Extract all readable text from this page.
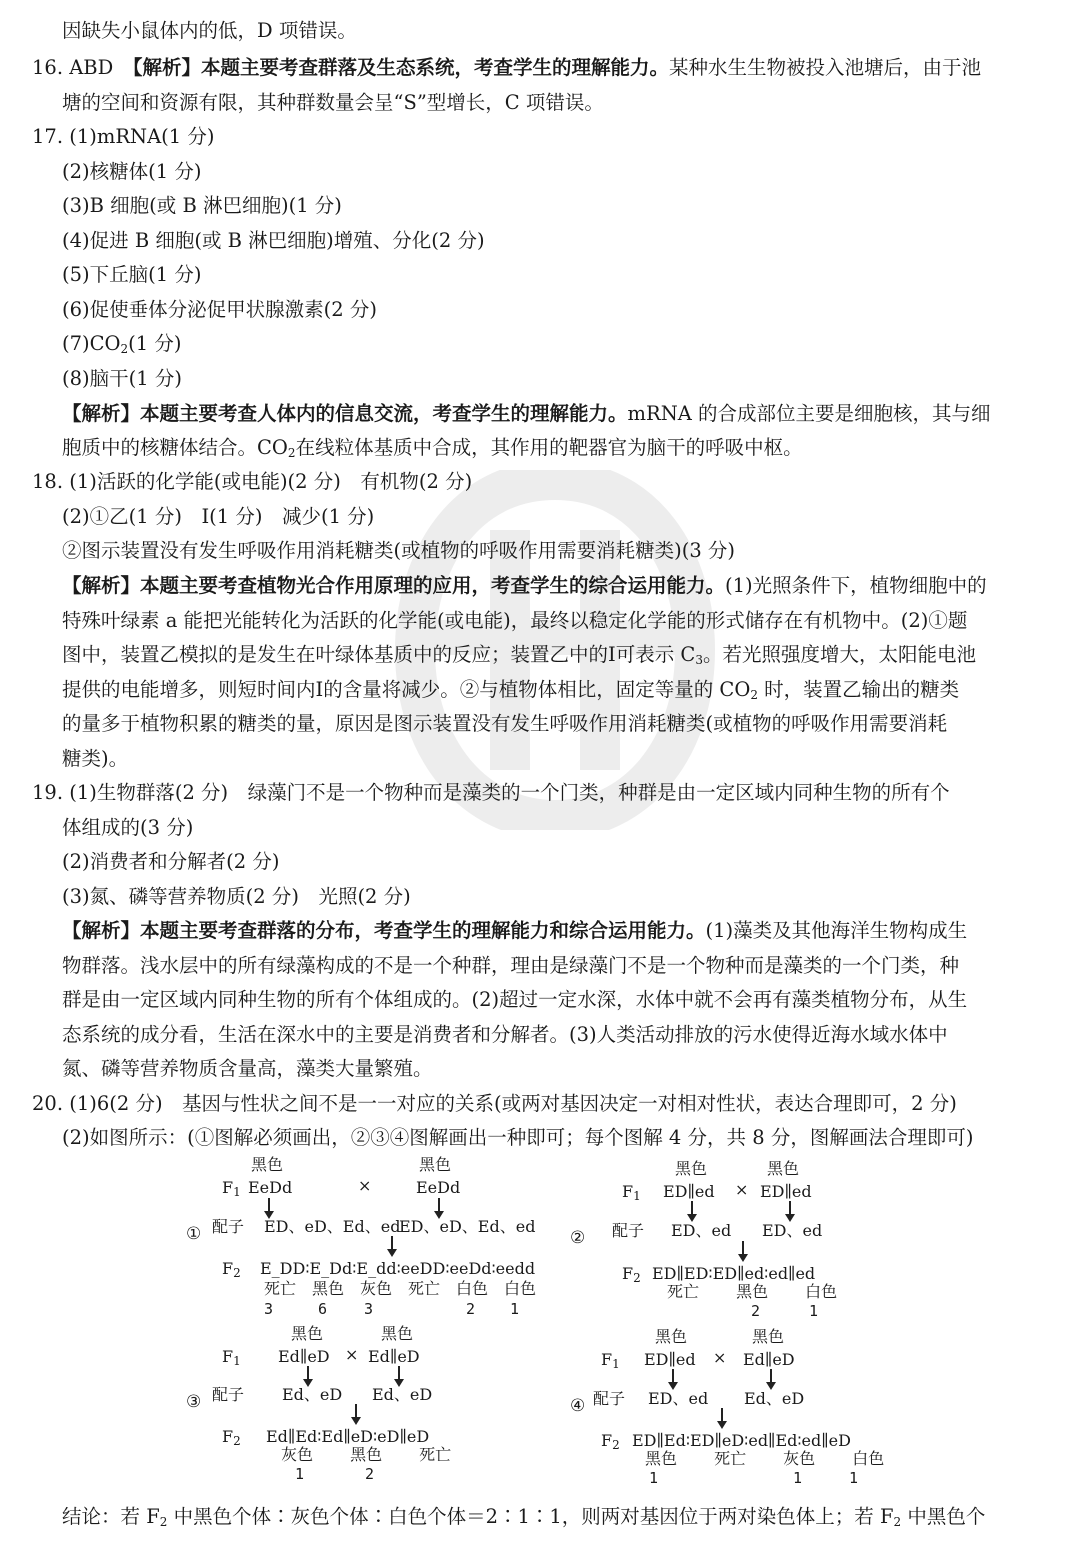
因缺失小鼠体内的低，D 项错误。
16. ABD　 【解析】本题主要考查群落及生态系统，考查学生的理解能力。某种水生生物被投入池塘后，由于池
塘的空间和资源有限，其种群数量会呈“S”型增长，C 项错误。
17. (1)mRNA(1 分)
(2)核糖体(1 分)
(3)B 细胞(或 B 淋巴细胞)(1 分)
(4)促进 B 细胞(或 B 淋巴细胞)增殖、分化(2 分)
(5)下丘脑(1 分)
(6)促使垂体分泌促甲状腺激素(2 分)
$(7)CO_2(1$ 分)
(8)脑干(1 分)
【解析】本题主要考查人体内的信息交流，考查学生的理解能力。mRNA 的合成部位主要是细胞核，其与细
胞质中的核糖体结合。$CO_2$在线粒体基质中合成，其作用的靶器官为脑干的呼吸中枢。
18. (1)活跃的化学能(或电能)(2 分)　有机物(2 分)
(2)①乙(1 分)　Ⅰ(1 分)　减少(1 分)
②图示装置没有发生呼吸作用消耗糖类(或植物的呼吸作用需要消耗糖类)(3 分)
【解析】本题主要考查植物光合作用原理的应用，考查学生的综合运用能力。(1)光照条件下，植物细胞中的
特殊叶绿素 a 能把光能转化为活跃的化学能(或电能)，最终以稳定化学能的形式储存在有机物中。(2)①题
图中，装置乙模拟的是发生在叶绿体基质中的反应；装置乙中的Ⅰ可表示 $C_3$。若光照强度增大，太阳能电池
提供的电能增多，则短时间内Ⅰ的含量将减少。②与植物体相比，固定等量的 $CO_2$ 时，装置乙输出的糖类
的量多于植物积累的糖类的量，原因是图示装置没有发生呼吸作用消耗糖类(或植物的呼吸作用需要消耗
糖类)。
19. (1)生物群落(2 分)　绿藻门不是一个物种而是藻类的一个门类，种群是由一定区域内同种生物的所有个
体组成的(3 分)
(2)消费者和分解者(2 分)
(3)氮、磷等营养物质(2 分)　光照(2 分)
【解析】本题主要考查群落的分布，考查学生的理解能力和综合运用能力。(1)藻类及其他海洋生物构成生
物群落。浅水层中的所有绿藻构成的不是一个种群，理由是绿藻门不是一个物种而是藻类的一个门类，种
群是由一定区域内同种生物的所有个体组成的。(2)超过一定水深，水体中就不会再有藻类植物分布，从生
态系统的成分看，生活在深水中的主要是消费者和分解者。(3)人类活动排放的污水使得近海水域水体中
氮、磷等营养物质含量高，藻类大量繁殖。
20. (1)6(2 分)　基因与性状之间不是一一对应的关系(或两对基因决定一对相对性状，表达合理即可，2 分)
(2)如图所示：(①图解必须画出，②③④图解画出一种即可；每个图解 4 分，共 8 分，图解画法合理即可)
黑色	黑色
$F_1$ EeDd	×	EeDd
① 配子 ED、eD、Ed、ed
ED、eD、Ed、ed
$F_2$ E_DD∶E_Dd∶E_dd∶eeDD∶eeDd∶eedd
死亡　黑色　灰色　死亡　白色　白色
3	6 3	2 1
黑色	黑色
$F_1$ ED∥ed × ED∥ed
② 配子 ED、ed ED、ed
$F_2$ ED∥ED∶ED∥ed∶ed∥ed
死亡　　 黑色　　 白色
2	1
黑色	黑色
$F_1$ Ed∥eD × Ed∥eD
③ 配子 Ed、eD Ed、eD
$F_2$ Ed∥Ed∶Ed∥eD∶eD∥eD
灰色　　 黑色　　 死亡
1	2
黑色	黑色
$F_1$ ED∥ed × Ed∥eD
④ 配子 ED、ed Ed、eD
$F_2$ ED∥Ed∶ED∥eD∶ed∥Ed∶ed∥eD
黑色　　 死亡　　 灰色　　 白色
1	1	1
结论：若 $F_2$ 中黑色个体∶灰色个体∶白色个体＝2∶1∶1，则两对基因位于两对染色体上；若 $F_2$ 中黑色个
